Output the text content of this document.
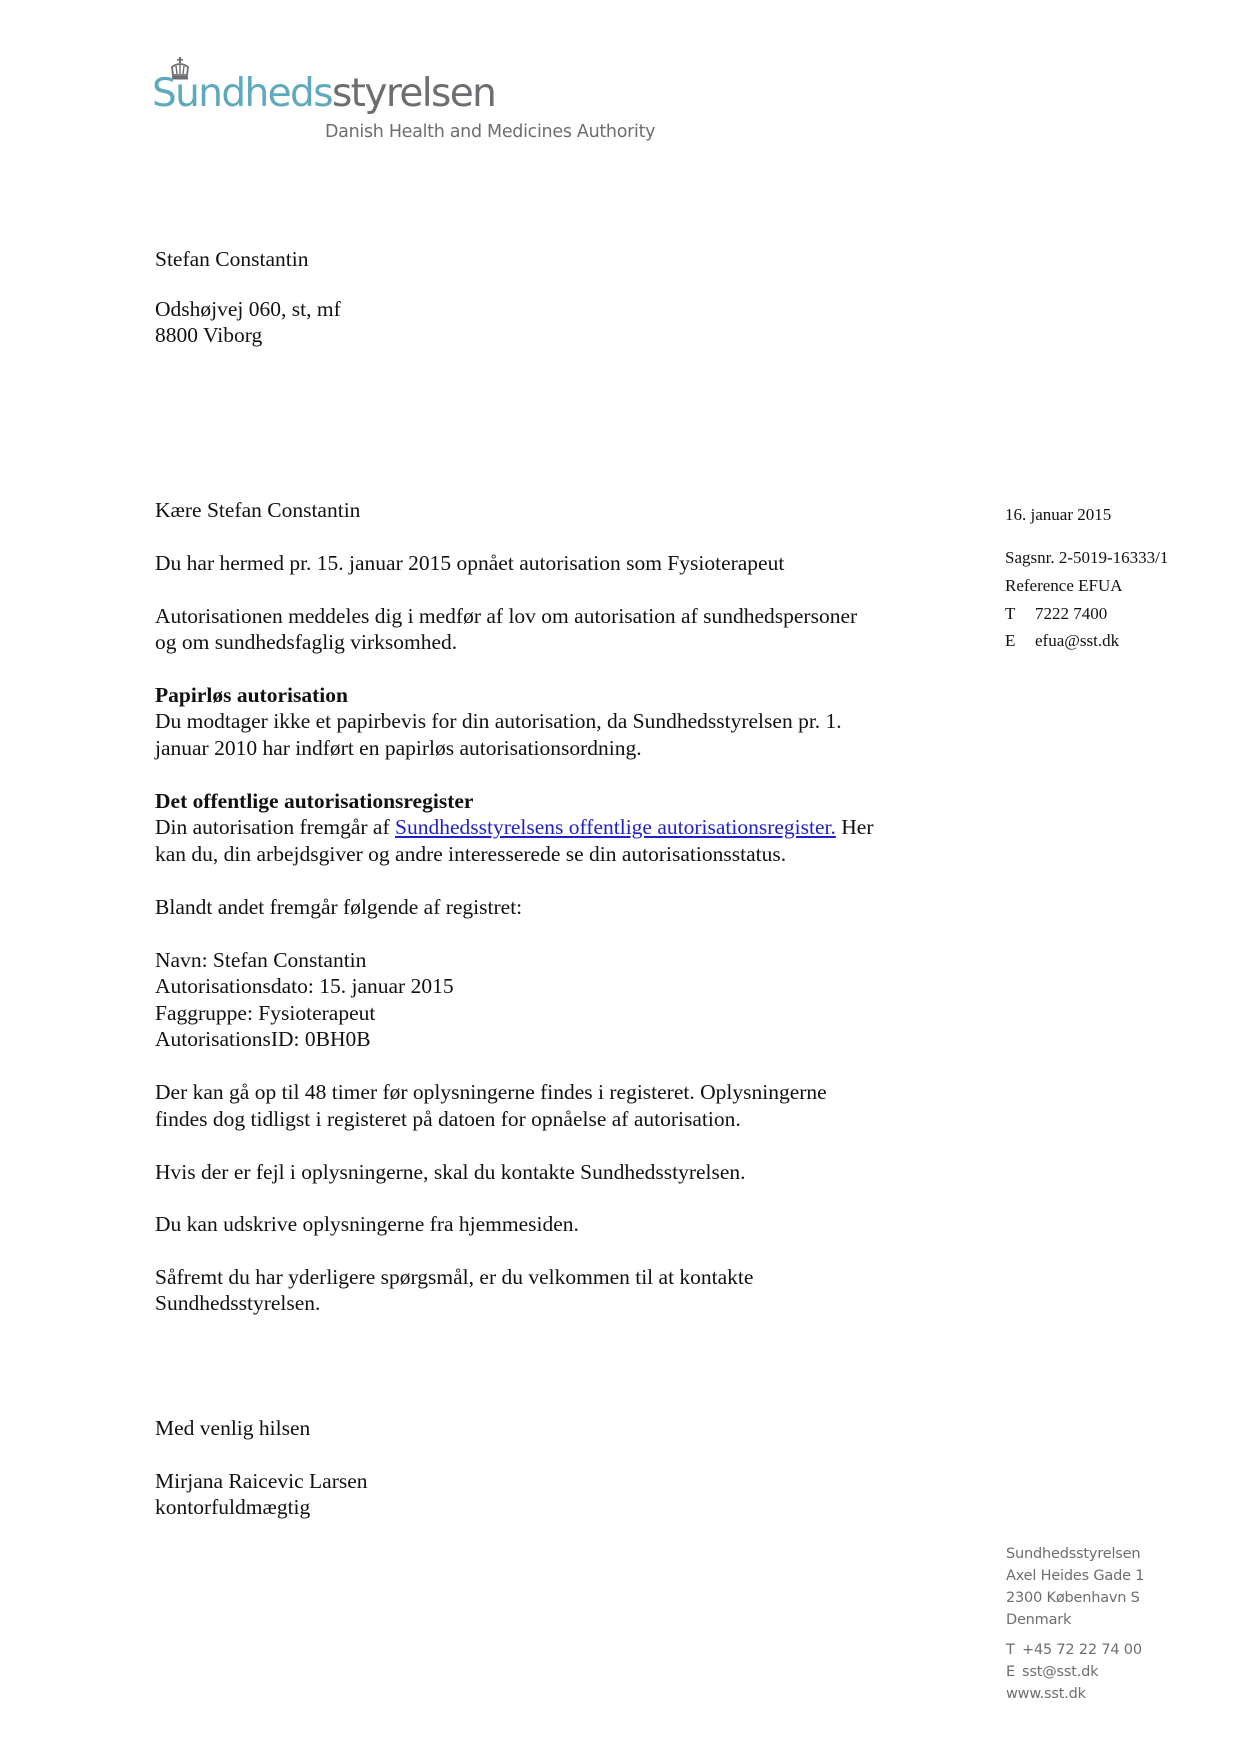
Sundhedsstyrelsen
Danish Health and Medicines Authority
Stefan Constantin
Odshøjvej 060, st, mf
8800 Viborg
16. januar 2015
Sagsnr. 2-5019-16333/1
Reference EFUA
T 7222 7400
E efua@sst.dk
Kære Stefan Constantin
Du har hermed pr. 15. januar 2015 opnået autorisation som Fysioterapeut
Autorisationen meddeles dig i medfør af lov om autorisation af sundhedspersoner
og om sundhedsfaglig virksomhed.
Papirløs autorisation
Du modtager ikke et papirbevis for din autorisation, da Sundhedsstyrelsen pr. 1.
januar 2010 har indført en papirløs autorisationsordning.
Det offentlige autorisationsregister
Din autorisation fremgår af Sundhedsstyrelsens offentlige autorisationsregister. Her
kan du, din arbejdsgiver og andre interesserede se din autorisationsstatus.
Blandt andet fremgår følgende af registret:
Navn: Stefan Constantin
Autorisationsdato: 15. januar 2015
Faggruppe: Fysioterapeut
AutorisationsID: 0BH0B
Der kan gå op til 48 timer før oplysningerne findes i registeret. Oplysningerne
findes dog tidligst i registeret på datoen for opnåelse af autorisation.
Hvis der er fejl i oplysningerne, skal du kontakte Sundhedsstyrelsen.
Du kan udskrive oplysningerne fra hjemmesiden.
Såfremt du har yderligere spørgsmål, er du velkommen til at kontakte
Sundhedsstyrelsen.
Med venlig hilsen
Mirjana Raicevic Larsen
kontorfuldmægtig
Sundhedsstyrelsen
Axel Heides Gade 1
2300 København S
Denmark
T +45 72 22 74 00
E sst@sst.dk
www.sst.dk
